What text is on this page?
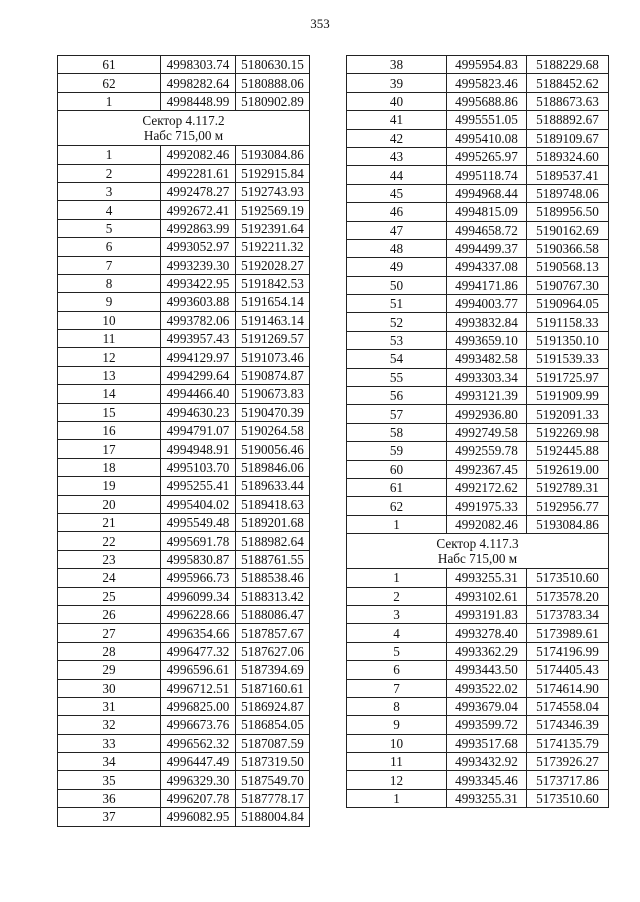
353
61	4998303.74	5180630.15
62	4998282.64	5180888.06
1	4998448.99	5180902.89

Сектор 4.117.2
Набс 715,00 м		

1	4992082.46	5193084.86
2	4992281.61	5192915.84
3	4992478.27	5192743.93
4	4992672.41	5192569.19
5	4992863.99	5192391.64
6	4993052.97	5192211.32
7	4993239.30	5192028.27
8	4993422.95	5191842.53
9	4993603.88	5191654.14
10	4993782.06	5191463.14
11	4993957.43	5191269.57
12	4994129.97	5191073.46
13	4994299.64	5190874.87
14	4994466.40	5190673.83
15	4994630.23	5190470.39
16	4994791.07	5190264.58
17	4994948.91	5190056.46
18	4995103.70	5189846.06
19	4995255.41	5189633.44
20	4995404.02	5189418.63
21	4995549.48	5189201.68
22	4995691.78	5188982.64
23	4995830.87	5188761.55
24	4995966.73	5188538.46
25	4996099.34	5188313.42
26	4996228.66	5188086.47
27	4996354.66	5187857.67
28	4996477.32	5187627.06
29	4996596.61	5187394.69
30	4996712.51	5187160.61
31	4996825.00	5186924.87
32	4996673.76	5186854.05
33	4996562.32	5187087.59
34	4996447.49	5187319.50
35	4996329.30	5187549.70
36	4996207.78	5187778.17
37	4996082.95	5188004.84
38	4995954.83	5188229.68
39	4995823.46	5188452.62
40	4995688.86	5188673.63
41	4995551.05	5188892.67
42	4995410.08	5189109.67
43	4995265.97	5189324.60
44	4995118.74	5189537.41
45	4994968.44	5189748.06
46	4994815.09	5189956.50
47	4994658.72	5190162.69
48	4994499.37	5190366.58
49	4994337.08	5190568.13
50	4994171.86	5190767.30
51	4994003.77	5190964.05
52	4993832.84	5191158.33
53	4993659.10	5191350.10
54	4993482.58	5191539.33
55	4993303.34	5191725.97
56	4993121.39	5191909.99
57	4992936.80	5192091.33
58	4992749.58	5192269.98
59	4992559.78	5192445.88
60	4992367.45	5192619.00
61	4992172.62	5192789.31
62	4991975.33	5192956.77
1	4992082.46	5193084.86

Сектор 4.117.3
Набс 715,00 м		

1	4993255.31	5173510.60
2	4993102.61	5173578.20
3	4993191.83	5173783.34
4	4993278.40	5173989.61
5	4993362.29	5174196.99
6	4993443.50	5174405.43
7	4993522.02	5174614.90
8	4993679.04	5174558.04
9	4993599.72	5174346.39
10	4993517.68	5174135.79
11	4993432.92	5173926.27
12	4993345.46	5173717.86
1	4993255.31	5173510.60
